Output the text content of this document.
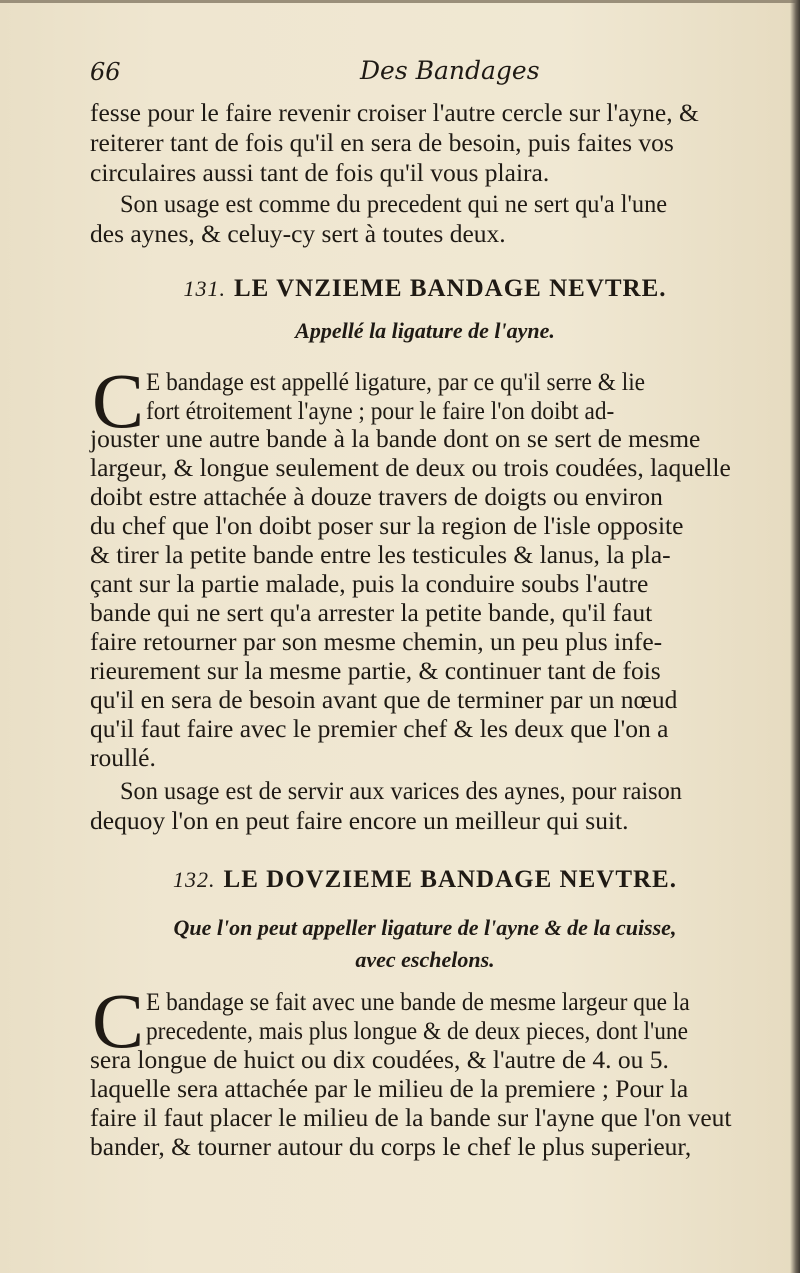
66	Des Bandages
fesse pour le faire revenir croiser l'autre cercle sur l'ayne, &
reiterer tant de fois qu'il en sera de besoin, puis faites vos
circulaires aussi tant de fois qu'il vous plaira.
Son usage est comme du precedent qui ne sert qu'a l'une
des aynes, & celuy-cy sert à toutes deux.
131. LE VNZIEME BANDAGE NEVTRE.
Appellé la ligature de l'ayne.
C E bandage est appellé ligature, par ce qu'il serre & lie
fort étroitement l'ayne ; pour le faire l'on doibt ad-
jouster une autre bande à la bande dont on se sert de mesme
largeur, & longue seulement de deux ou trois coudées, laquelle
doibt estre attachée à douze travers de doigts ou environ
du chef que l'on doibt poser sur la region de l'isle opposite
& tirer la petite bande entre les testicules & lanus, la pla-
çant sur la partie malade, puis la conduire soubs l'autre
bande qui ne sert qu'a arrester la petite bande, qu'il faut
faire retourner par son mesme chemin, un peu plus infe-
rieurement sur la mesme partie, & continuer tant de fois
qu'il en sera de besoin avant que de terminer par un nœud
qu'il faut faire avec le premier chef & les deux que l'on a
roullé.
Son usage est de servir aux varices des aynes, pour raison
dequoy l'on en peut faire encore un meilleur qui suit.
132. LE DOVZIEME BANDAGE NEVTRE.
Que l'on peut appeller ligature de l'ayne & de la cuisse,
avec eschelons.
C E bandage se fait avec une bande de mesme largeur que la
precedente, mais plus longue & de deux pieces, dont l'une
sera longue de huict ou dix coudées, & l'autre de 4. ou 5.
laquelle sera attachée par le milieu de la premiere ; Pour la
faire il faut placer le milieu de la bande sur l'ayne que l'on veut
bander, & tourner autour du corps le chef le plus superieur,
